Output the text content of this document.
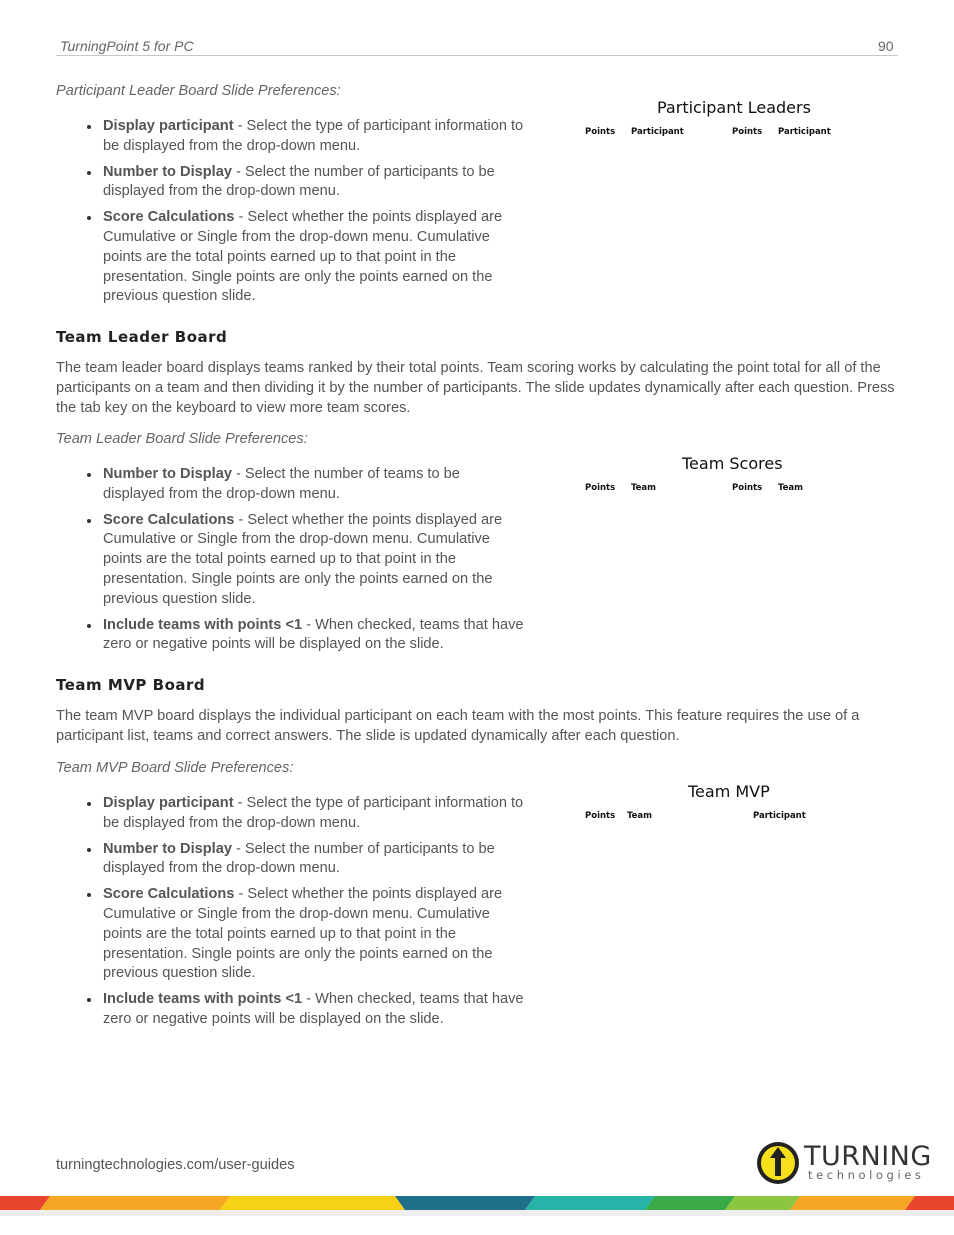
TurningPoint 5 for PC	90
Participant Leader Board Slide Preferences:
Display participant - Select the type of participant information to be displayed from the drop-down menu.
Number to Display - Select the number of participants to be displayed from the drop-down menu.
Score Calculations - Select whether the points displayed are Cumulative or Single from the drop-down menu. Cumulative points are the total points earned up to that point in the presentation. Single points are only the points earned on the previous question slide.
Participant Leaders
Points Participant	Points Participant
Team Leader Board
The team leader board displays teams ranked by their total points. Team scoring works by calculating the point total for all of the participants on a team and then dividing it by the number of participants. The slide updates dynamically after each question. Press the tab key on the keyboard to view more team scores.
Team Leader Board Slide Preferences:
Number to Display - Select the number of teams to be displayed from the drop-down menu.
Score Calculations - Select whether the points displayed are Cumulative or Single from the drop-down menu. Cumulative points are the total points earned up to that point in the presentation. Single points are only the points earned on the previous question slide.
Include teams with points <1 - When checked, teams that have zero or negative points will be displayed on the slide.
Team Scores
Points Team	Points Team
Team MVP Board
The team MVP board displays the individual participant on each team with the most points. This feature requires the use of a participant list, teams and correct answers. The slide is updated dynamically after each question.
Team MVP Board Slide Preferences:
Display participant - Select the type of participant information to be displayed from the drop-down menu.
Number to Display - Select the number of participants to be displayed from the drop-down menu.
Score Calculations - Select whether the points displayed are Cumulative or Single from the drop-down menu. Cumulative points are the total points earned up to that point in the presentation. Single points are only the points earned on the previous question slide.
Include teams with points <1 - When checked, teams that have zero or negative points will be displayed on the slide.
Team MVP
Points Team	Participant
turningtechnologies.com/user-guides	TURNING
technologies
